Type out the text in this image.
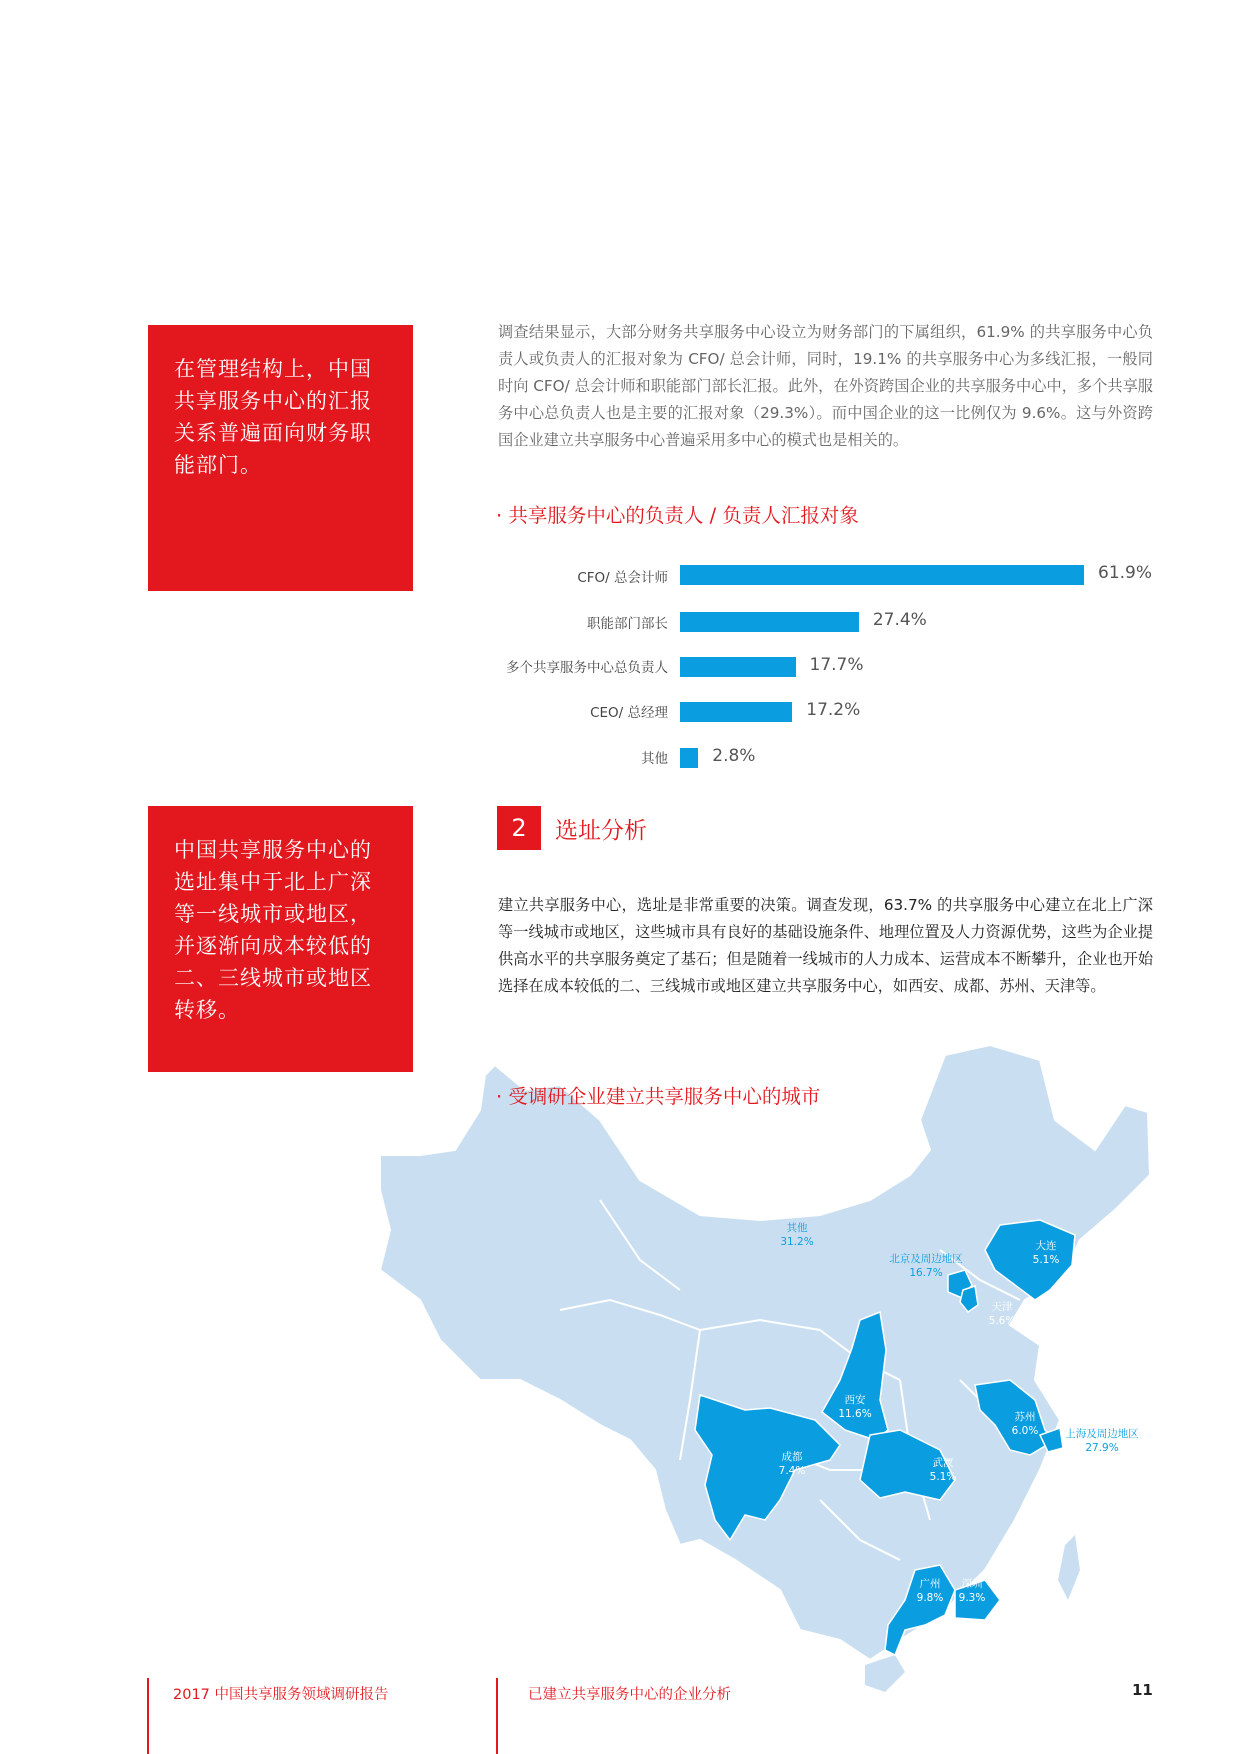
在管理结构上，中国共享服务中心的汇报关系普遍面向财务职能部门。
中国共享服务中心的选址集中于北上广深等一线城市或地区，并逐渐向成本较低的二、三线城市或地区转移。

调查结果显示，大部分财务共享服务中心设立为财务部门的下属组织，61.9% 的共享服务中心负责人或负责人的汇报对象为 CFO/ 总会计师，同时，19.1% 的共享服务中心为多线汇报，一般同时向 CFO/ 总会计师和职能部门部长汇报。此外，在外资跨国企业的共享服务中心中，多个共享服务中心总负责人也是主要的汇报对象（29.3%）。而中国企业的这一比例仅为 9.6%。这与外资跨国企业建立共享服务中心普遍采用多中心的模式也是相关的。

· 共享服务中心的负责人 / 负责人汇报对象

CFO/ 总会计师	61.9%
职能部门部长	27.4%
多个共享服务中心总负责人	17.7%
CEO/ 总经理	17.2%
其他	2.8%
2	选址分析

建立共享服务中心，选址是非常重要的决策。调查发现，63.7% 的共享服务中心建立在北上广深等一线城市或地区，这些城市具有良好的基础设施条件、地理位置及人力资源优势，这些为企业提供高水平的共享服务奠定了基石；但是随着一线城市的人力成本、运营成本不断攀升，企业也开始选择在成本较低的二、三线城市或地区建立共享服务中心，如西安、成都、苏州、天津等。

其他
31.2%
北京及周边地区
16.7%
大连
5.1%
天津
5.6%
西安
11.6%	苏州
6.0%	上海及周边地区
27.9%
成都
7.4%
武汉
5.1%
广州
9.8%
深圳
9.3%

· 受调研企业建立共享服务中心的城市

2017 中国共享服务领域调研报告	已建立共享服务中心的企业分析	11
